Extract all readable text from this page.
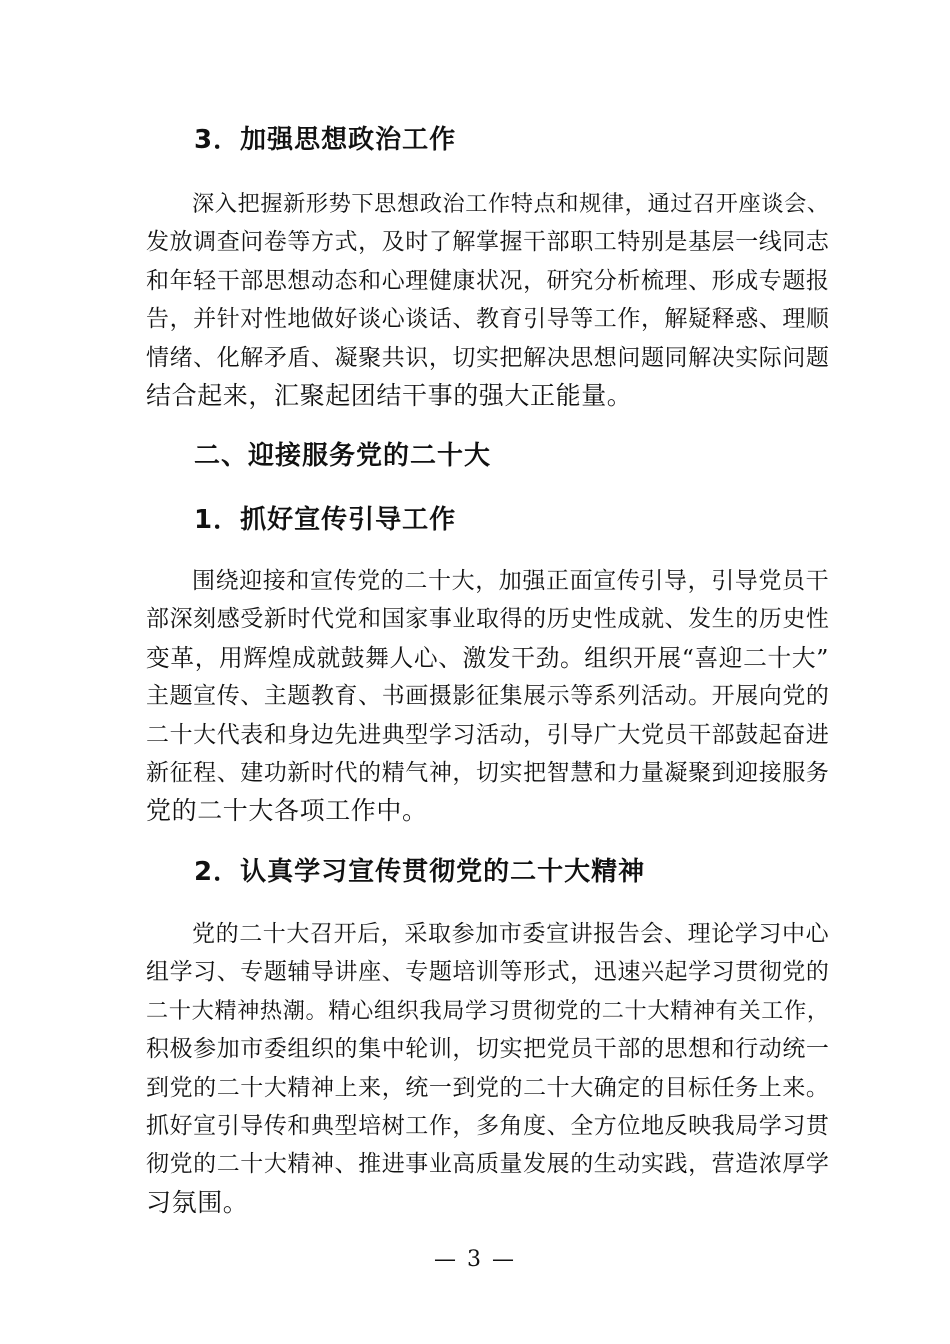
3．加强思想政治工作
深入把握新形势下思想政治工作特点和规律，通过召开座谈会、
发放调查问卷等方式，及时了解掌握干部职工特别是基层一线同志
和年轻干部思想动态和心理健康状况，研究分析梳理、形成专题报
告，并针对性地做好谈心谈话、教育引导等工作，解疑释惑、理顺
情绪、化解矛盾、凝聚共识，切实把解决思想问题同解决实际问题
结合起来，汇聚起团结干事的强大正能量。
二、迎接服务党的二十大
1．抓好宣传引导工作
围绕迎接和宣传党的二十大，加强正面宣传引导，引导党员干
部深刻感受新时代党和国家事业取得的历史性成就、发生的历史性
变革，用辉煌成就鼓舞人心、激发干劲。组织开展“喜迎二十大”
主题宣传、主题教育、书画摄影征集展示等系列活动。开展向党的
二十大代表和身边先进典型学习活动，引导广大党员干部鼓起奋进
新征程、建功新时代的精气神，切实把智慧和力量凝聚到迎接服务
党的二十大各项工作中。
2．认真学习宣传贯彻党的二十大精神
党的二十大召开后，采取参加市委宣讲报告会、理论学习中心
组学习、专题辅导讲座、专题培训等形式，迅速兴起学习贯彻党的
二十大精神热潮。精心组织我局学习贯彻党的二十大精神有关工作，
积极参加市委组织的集中轮训，切实把党员干部的思想和行动统一
到党的二十大精神上来，统一到党的二十大确定的目标任务上来。
抓好宣引导传和典型培树工作，多角度、全方位地反映我局学习贯
彻党的二十大精神、推进事业高质量发展的生动实践，营造浓厚学
习氛围。
— 3 —
